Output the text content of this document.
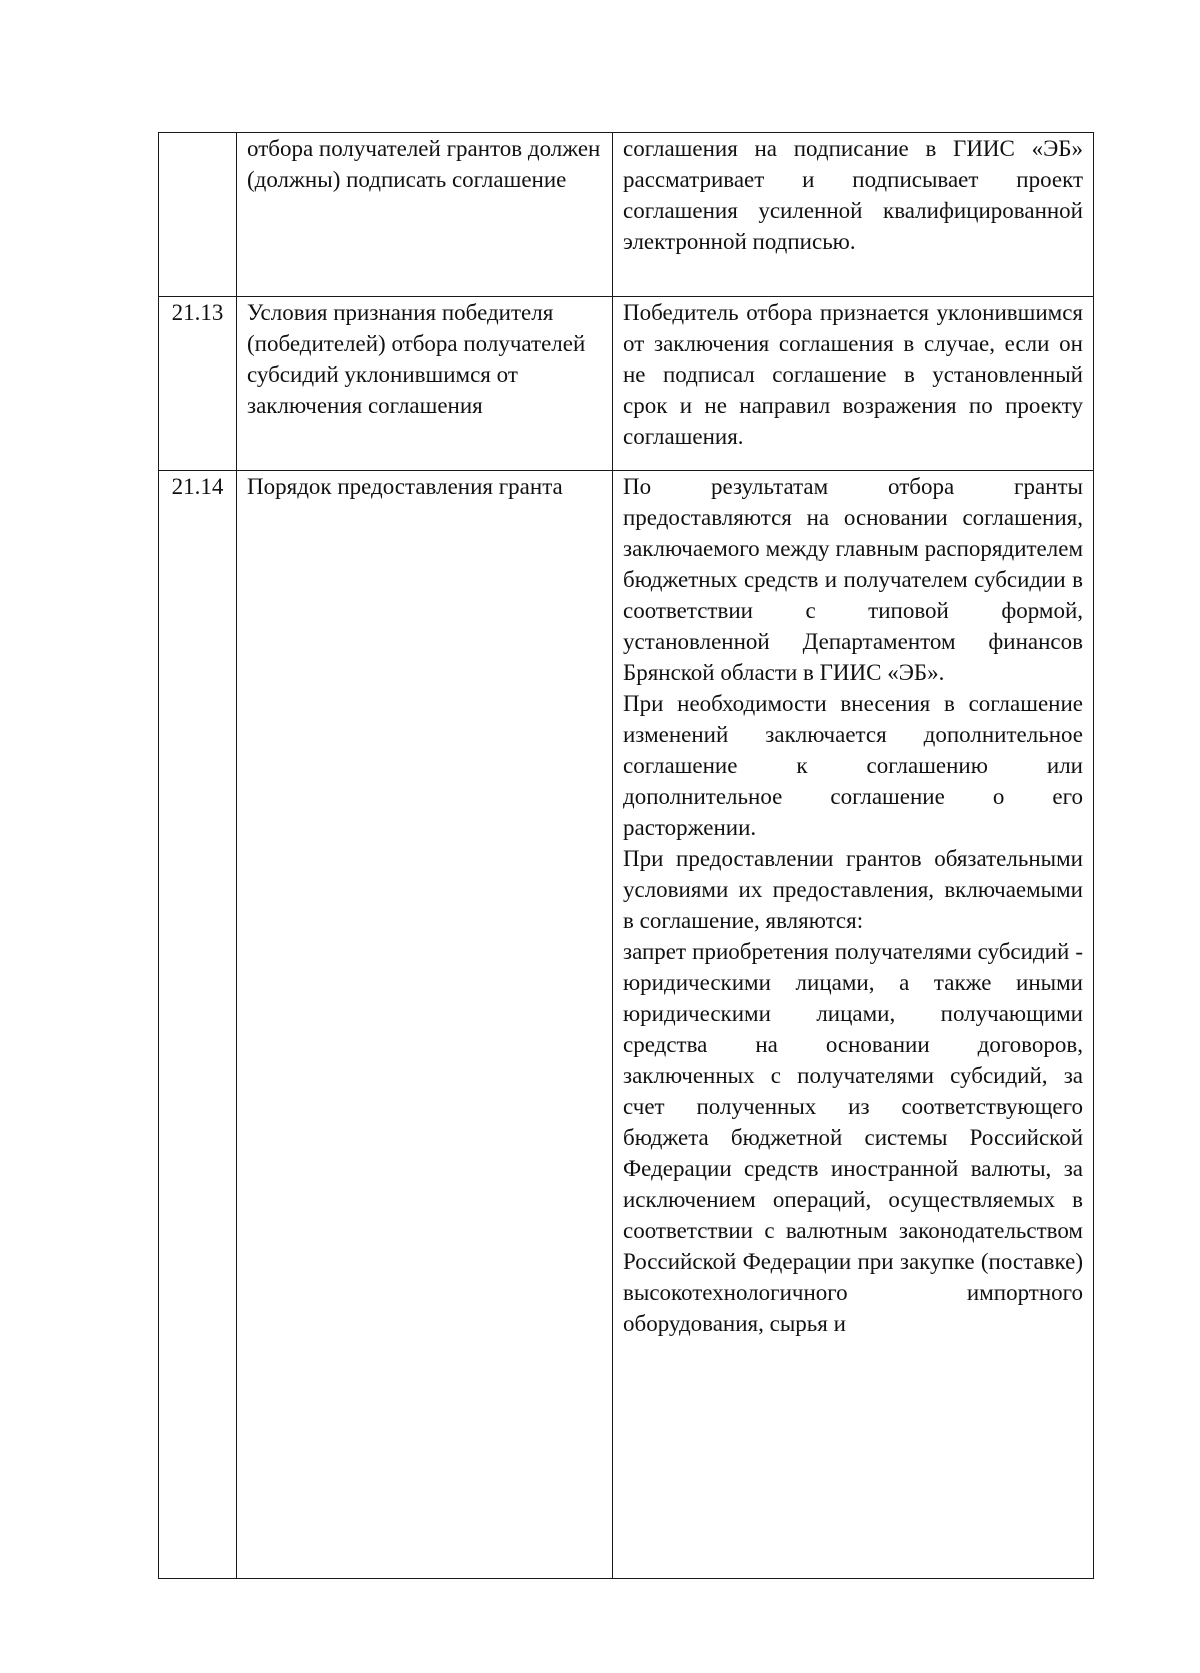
	отбора получателей грантов должен (должны) подписать соглашение	соглашения на подписание в ГИИС «ЭБ» рассматривает и подписывает проект соглашения усиленной квалифицированной электронной подписью.

21.13	Условия признания победителя (победителей) отбора получателей субсидий уклонившимся от заключения соглашения	Победитель отбора признается уклонившимся от заключения соглашения в случае, если он не подписал соглашение в установленный срок и не направил возражения по проекту соглашения.

21.14	Порядок предоставления гранта	По результатам отбора гранты предоставляются на основании соглашения, заключаемого между главным распорядителем бюджетных средств и получателем субсидии в соответствии с типовой формой, установленной Департаментом финансов Брянской области в ГИИС «ЭБ».

При необходимости внесения в соглашение изменений заключается дополнительное соглашение к соглашению или дополнительное соглашение о его расторжении.

При предоставлении грантов обязательными условиями их предоставления, включаемыми в соглашение, являются:

запрет приобретения получателями субсидий - юридическими лицами, а также иными юридическими лицами, получающими средства на основании договоров, заключенных с получателями субсидий, за счет полученных из соответствующего бюджета бюджетной системы Российской Федерации средств иностранной валюты, за исключением операций, осуществляемых в соответствии с валютным законодательством Российской Федерации при закупке (поставке) высокотехнологичного импортного оборудования, сырья и
